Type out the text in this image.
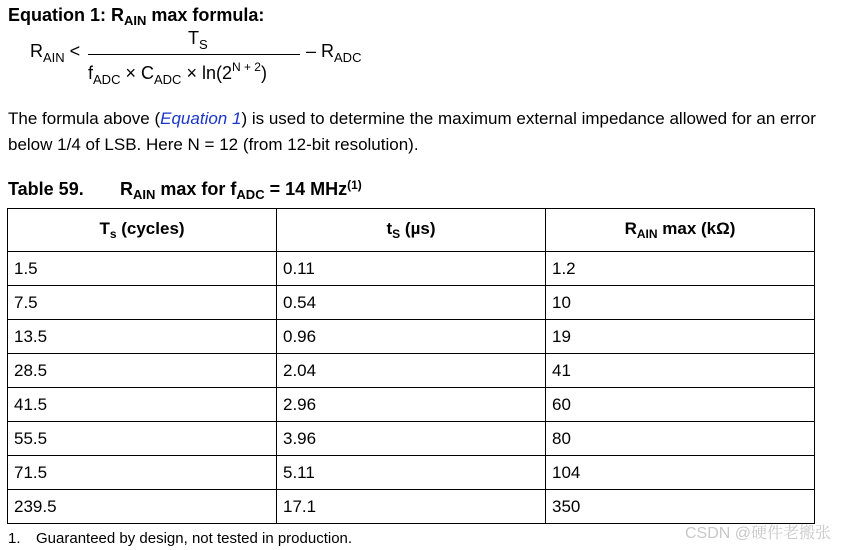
Equation 1: $R_{AIN}$ max formula:
$R_{AIN}$ <
$T_S$
$f_{ADC} \times C_{ADC} \times \ln(2^{N + 2})$
– $R_{ADC}$
The formula above (Equation 1) is used to determine the maximum external impedance allowed for an error below 1/4 of LSB. Here N = 12 (from 12-bit resolution).
Table 59. $R_{AIN}$ max for $f_{ADC} = 14$ MHz$^{(1)}$
$T_s$ (cycles)	$t_S$ (µs)	$R_{AIN}$ max (kΩ)
1.5	0.11	1.2
7.5	0.54	10
13.5	0.96	19
28.5	2.04	41
41.5	2.96	60
55.5	3.96	80
71.5	5.11	104
239.5	17.1	350
1. Guaranteed by design, not tested in production.	CSDN @硬件老搬张
